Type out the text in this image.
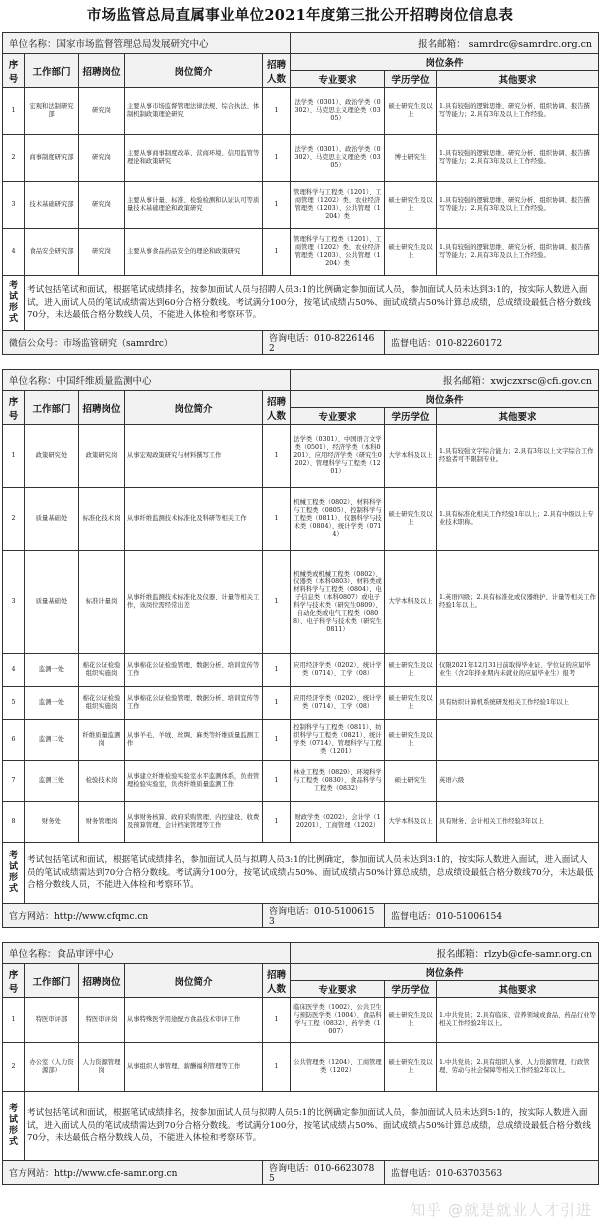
市场监管总局直属事业单位2021年度第三批公开招聘岗位信息表
单位名称：国家市场监督管理总局发展研究中心					报名邮箱： samrdrc@samrdrc.org.cn		
序号	工作部门	招聘岗位	岗位简介	招聘人数	岗位条件		
					专业要求	学历学位	其他要求
1	宏观和法制研究部	研究岗	主要从事市场监督管理法律法规、综合执法、体制机制政策理论研究	1	法学类（0301）、政治学类（0302）、马克思主义理论类（0305）	硕士研究生及以上	1.具有较强的逻辑思维、研究分析、组织协调、报告撰写等能力；2.具有3年及以上工作经验。
2	商事制度研究部	研究岗	主要从事商事制度改革、营商环境、信用监管等理论和政策研究	1	法学类（0301）、政治学类（0302）、马克思主义理论类（0305）	博士研究生	1.具有较强的逻辑思维、研究分析、组织协调、报告撰写等能力；2.具有3年及以上工作经验。
3	技术基础研究部	研究岗	主要从事计量、标准、检验检测和认证认可等质量技术基础理论和政策研究	1	管理科学与工程类（1201）、工商管理（1202）类、农业经济管理类（1203）、公共管理（1204）类	硕士研究生及以上	1.具有较强的逻辑思维、研究分析、组织协调、报告撰写等能力；2.具有3年及以上工作经验。
4	食品安全研究部	研究岗	主要从事食品药品安全的理论和政策研究	1	管理科学与工程类（1201）、工商管理（1202）类、农业经济管理类（1203）、公共管理（1204）类	硕士研究生及以上	1.具有较强的逻辑思维、研究分析、组织协调、报告撰写等能力；2.具有3年及以上工作经验。
考试形式	考试包括笔试和面试，根据笔试成绩排名，按参加面试人员与招聘人员3:1的比例确定参加面试人员，参加面试人员未达到3:1的，按实际人数进入面试，进入面试人员的笔试成绩需达到60分合格分数线。考试满分100分，按笔试成绩占50%、面试成绩占50%计算总成绩，总成绩设最低合格分数线70分，未达最低合格分数线人员，不能进入体检和考察环节。						
微信公众号：市场监管研究（samrdrc）				咨询电话：010-82261462		监督电话：010-82260172	

单位名称：中国纤维质量监测中心					报名邮箱：xwjczxrsc@cfi.gov.cn		
序号	工作部门	招聘岗位	岗位简介	招聘人数	岗位条件		
					专业要求	学历学位	其他要求
1	政策研究处	政策研究岗	从事宏观政策研究与材料撰写工作	1	法学类（0301）、中国语言文学类（0501）、经济学类（本科0201）、应用经济学类（研究生0202）、管理科学与工程类（1201）	大学本科及以上	1.具有较强文字综合能力；2.具有3年以上文字综合工作经验者可不限制专业。
2	质量基础处	标准化技术岗	从事纤维监测技术标准化及科研等相关工作	1	机械工程类（0802）、材料科学与工程类（0805）、控制科学与工程类（0811）、仪器科学与技术类（0804）、统计学类（0714）	硕士研究生及以上	1.具有标准化相关工作经验1年以上；2.具有中级以上专业技术职称。
3	质量基础处	标准计量岗	从事纤维监测技术标准化及仪器、计量等相关工作，该岗位需经常出差	1	机械类或机械工程类（0802）、仪器类（本科0803）、材料类或材料科学与工程类（0804）、电子信息类（本科0807）或电子科学与技术类（研究生0809）、自动化类或电气工程类（0808）、电子科学与技术类（研究生0811）	大学本科及以上	1.英语四级；2.具有标准化或仪器维护、计量等相关工作经验1年以上。
4	监测一处	棉花公证检验组织实施岗	从事棉花公证检验管理、数据分析、培训宣传等工作	1	应用经济学类（0202）、统计学类（0714）、工学（08）	硕士研究生及以上	仅限2021年12月31日前取得毕业证、学位证的应届毕业生（含2年择业期内未就业的应届毕业生）报考
5	监测一处	棉花公证检验组织实施岗	从事棉花公证检验管理、数据分析、培训宣传等工作	1	应用经济学类（0202）、统计学类（0714）、工学（08）	硕士研究生及以上	具有纺织计算机系统研发相关工作经验1年以上
6	监测二处	纤维质量监测岗	从事羊毛、羊绒、丝绸、麻类等纤维质量监测工作	1	控制科学与工程类（0811）、纺织科学与工程类（0821）、统计学类（0714）、管理科学与工程类（1201）	硕士研究生及以上	
7	监测三处	检验技术岗	从事建立纤维检验实验室水平监测体系，负责管理检验实验室，负责纤维质量监测工作	1	林业工程类（0829）、环境科学与工程类（0830）、食品科学与工程类（0832）	硕士研究生	英语六级
8	财务处	财务管理岗	从事财务核算、政府采购管理、内控建设、收费及预算管理、会计档案管理等工作	1	财政学类（0202）、会计学（120201）、工商管理（1202）	大学本科及以上	具有财务、会计相关工作经验3年以上
考试形式	考试包括笔试和面试，根据笔试成绩排名，参加面试人员与拟聘人员3:1的比例确定，参加面试人员未达到3:1的，按实际人数进入面试，进入面试人员的笔试成绩需达到70分合格分数线。考试满分100分，按笔试成绩占50%、面试成绩占50%计算总成绩，总成绩设最低合格分数线70分，未达最低合格分数线人员，不能进入体检和考察环节。						
官方网站：http://www.cfqmc.cn				咨询电话：010-51006153		监督电话：010-51006154	

单位名称：食品审评中心					报名邮箱：rlzyb@cfe-samr.org.cn		
序号	工作部门	招聘岗位	岗位简介	招聘人数	岗位条件		
					专业要求	学历学位	其他要求
1	特医审评部	特医审评岗	从事特殊医学用途配方食品技术审评工作	1	临床医学类（1002）、公共卫生与预防医学类（1004）、食品科学与工程（0832）、药学类（1007）	硕士研究生及以上	1.中共党员；2.具有临床、营养领域或食品、药品行业等相关工作经验2年以上。
2	办公室（人力资源部）	人力资源管理岗	从事组织人事管理、薪酬福利管理等工作	1	公共管理类（1204）、工商管理类（1202）	硕士研究生及以上	1.中共党员；2.具有组织人事、人力资源管理、行政管理、劳动与社会保障等相关工作经验2年以上。
考试形式	考试包括笔试和面试，根据笔试成绩排名，按参加面试人员与拟聘人员5:1的比例确定参加面试人员，参加面试人员未达到5:1的，按实际人数进入面试，进入面试人员的笔试成绩需达到70分合格分数线。考试满分100分，按笔试成绩占50%、面试成绩占50%计算总成绩，总成绩设最低合格分数线70分，未达最低合格分数线人员，不能进入体检和考察环节。						
官方网站：http://www.cfe-samr.org.cn				咨询电话：010-66230785		监督电话：010-63703563	
知乎 @就是就业人才引进
